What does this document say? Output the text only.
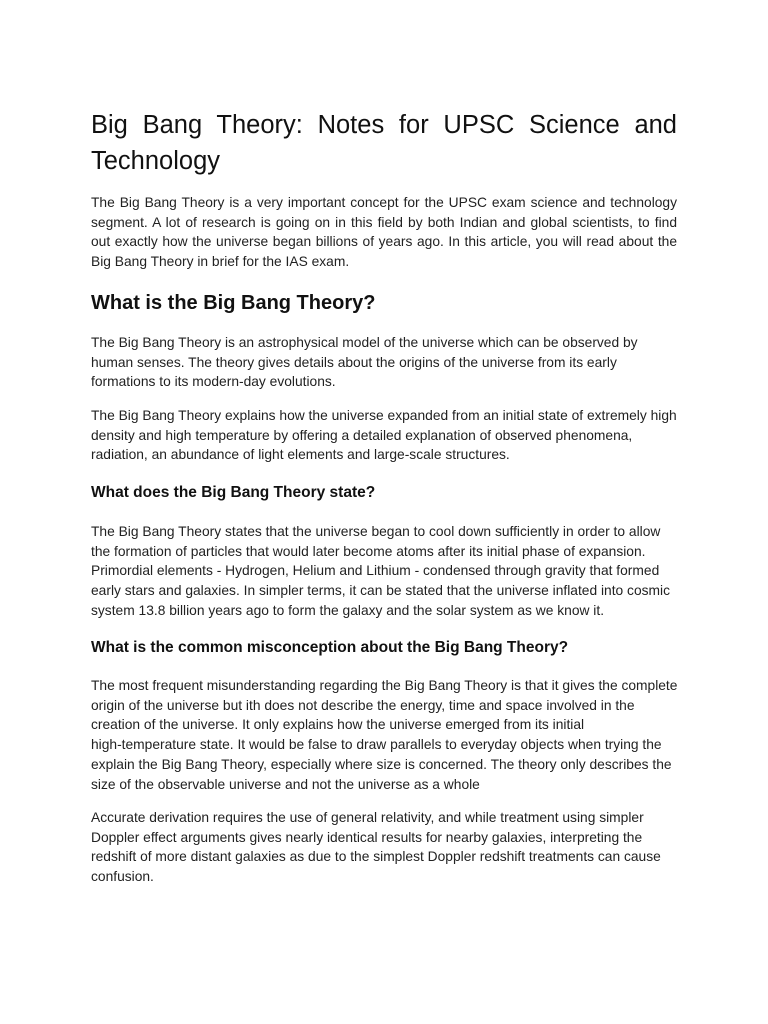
Big Bang Theory: Notes for UPSC Science and
Technology
The Big Bang Theory is a very important concept for the UPSC exam science and technology
segment. A lot of research is going on in this field by both Indian and global scientists, to find
out exactly how the universe began billions of years ago. In this article, you will read about the
Big Bang Theory in brief for the IAS exam.
What is the Big Bang Theory?
The Big Bang Theory is an astrophysical model of the universe which can be observed by
human senses. The theory gives details about the origins of the universe from its early
formations to its modern-day evolutions.
The Big Bang Theory explains how the universe expanded from an initial state of extremely high
density and high temperature by offering a detailed explanation of observed phenomena,
radiation, an abundance of light elements and large-scale structures.
What does the Big Bang Theory state?
The Big Bang Theory states that the universe began to cool down sufficiently in order to allow
the formation of particles that would later become atoms after its initial phase of expansion.
Primordial elements - Hydrogen, Helium and Lithium - condensed through gravity that formed
early stars and galaxies. In simpler terms, it can be stated that the universe inflated into cosmic
system 13.8 billion years ago to form the galaxy and the solar system as we know it.
What is the common misconception about the Big Bang Theory?
The most frequent misunderstanding regarding the Big Bang Theory is that it gives the complete
origin of the universe but ith does not describe the energy, time and space involved in the
creation of the universe. It only explains how the universe emerged from its initial
high-temperature state. It would be false to draw parallels to everyday objects when trying the
explain the Big Bang Theory, especially where size is concerned. The theory only describes the
size of the observable universe and not the universe as a whole
Accurate derivation requires the use of general relativity, and while treatment using simpler
Doppler effect arguments gives nearly identical results for nearby galaxies, interpreting the
redshift of more distant galaxies as due to the simplest Doppler redshift treatments can cause
confusion.
